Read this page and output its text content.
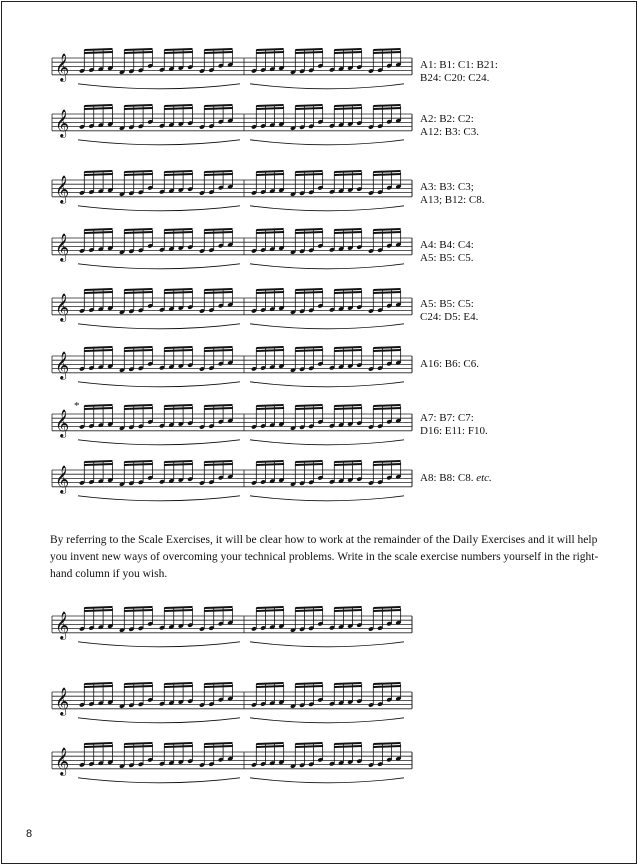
𝄞
𝄞
𝄞
𝄞
𝄞
𝄞
𝄞
𝄞
𝄞
𝄞
𝄞
A1: B1: C1: B21:
B24: C20: C24.
A2: B2: C2:
A12: B3: C3.
A3: B3: C3;
A13; B12: C8.
A4: B4: C4:
A5: B5: C5.
A5: B5: C5:
C24: D5: E4.
A16: B6: C6.
A7: B7: C7:
D16: E11: F10.
A8: B8: C8. etc.
*

By referring to the Scale Exercises, it will be clear how to work at the remainder of the Daily Exercises and it will help you invent new ways of overcoming your technical problems. Write in the scale exercise numbers yourself in the right-hand column if you wish.

8
